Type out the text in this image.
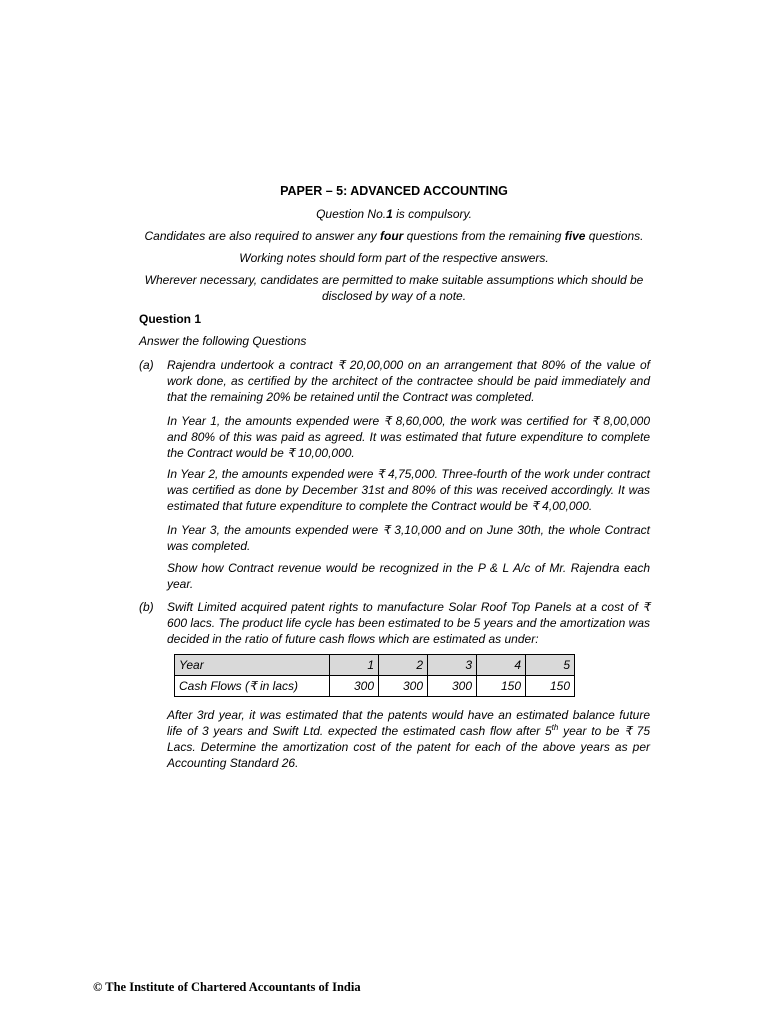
PAPER – 5: ADVANCED ACCOUNTING
Question No.1 is compulsory.
Candidates are also required to answer any four questions from the remaining five questions.
Working notes should form part of the respective answers.
Wherever necessary, candidates are permitted to make suitable assumptions which should be disclosed by way of a note.
Question 1
Answer the following Questions
(a) Rajendra undertook a contract ₹ 20,00,000 on an arrangement that 80% of the value of work done, as certified by the architect of the contractee should be paid immediately and that the remaining 20% be retained until the Contract was completed.
In Year 1, the amounts expended were ₹ 8,60,000, the work was certified for ₹ 8,00,000 and 80% of this was paid as agreed. It was estimated that future expenditure to complete the Contract would be ₹ 10,00,000.
In Year 2, the amounts expended were ₹ 4,75,000. Three-fourth of the work under contract was certified as done by December 31st and 80% of this was received accordingly. It was estimated that future expenditure to complete the Contract would be ₹ 4,00,000.
In Year 3, the amounts expended were ₹ 3,10,000 and on June 30th, the whole Contract was completed.
Show how Contract revenue would be recognized in the P & L A/c of Mr. Rajendra each year.
(b) Swift Limited acquired patent rights to manufacture Solar Roof Top Panels at a cost of ₹ 600 lacs. The product life cycle has been estimated to be 5 years and the amortization was decided in the ratio of future cash flows which are estimated as under:
Year	1	2	3	4	5
Cash Flows (₹ in lacs)	300	300	300	150	150
After 3rd year, it was estimated that the patents would have an estimated balance future life of 3 years and Swift Ltd. expected the estimated cash flow after 5th year to be ₹ 75 Lacs. Determine the amortization cost of the patent for each of the above years as per Accounting Standard 26.
© The Institute of Chartered Accountants of India
